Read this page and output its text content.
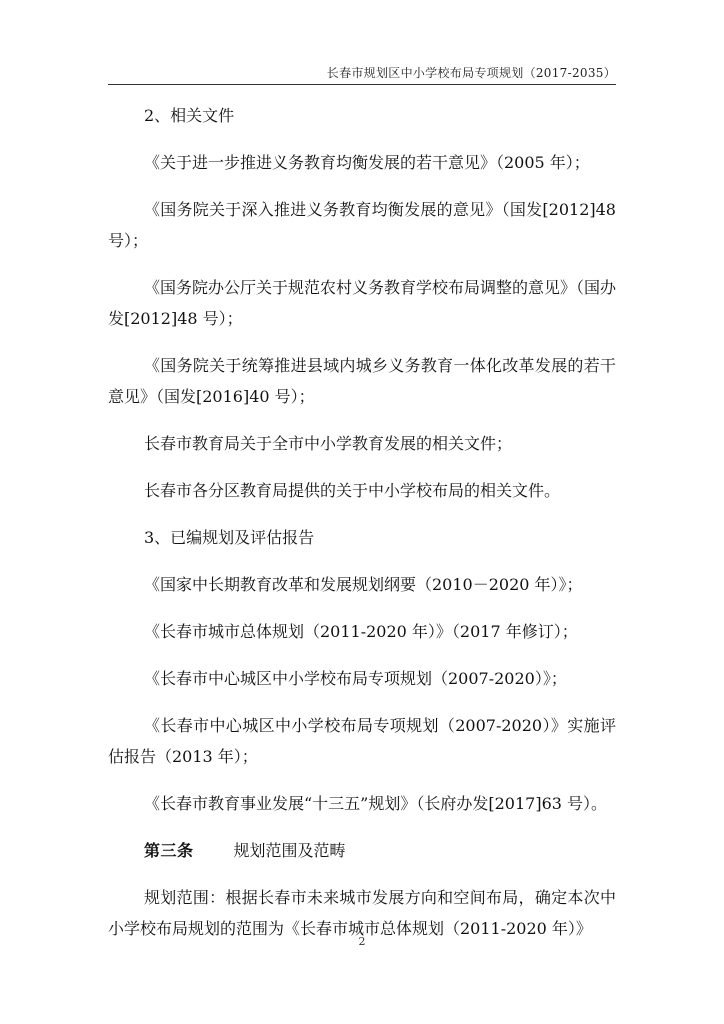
长春市规划区中小学校布局专项规划（2017-2035）

2、相关文件

《关于进一步推进义务教育均衡发展的若干意见》（2005 年）；

《国务院关于深入推进义务教育均衡发展的意见》（国发[2012]48 号）；

《国务院办公厅关于规范农村义务教育学校布局调整的意见》（国办发[2012]48 号）；

《国务院关于统筹推进县域内城乡义务教育一体化改革发展的若干意见》（国发[2016]40 号）；

长春市教育局关于全市中小学教育发展的相关文件；

长春市各分区教育局提供的关于中小学校布局的相关文件。

3、已编规划及评估报告

《国家中长期教育改革和发展规划纲要（2010－2020 年）》；

《长春市城市总体规划（2011-2020 年）》（2017 年修订）；

《长春市中心城区中小学校布局专项规划（2007-2020）》；

《长春市中心城区中小学校布局专项规划（2007-2020）》实施评估报告（2013 年）；

《长春市教育事业发展“十三五”规划》（长府办发[2017]63 号）。

第三条	规划范围及范畴

规划范围：根据长春市未来城市发展方向和空间布局，确定本次中小学校布局规划的范围为《长春市城市总体规划（2011-2020 年）》

2
